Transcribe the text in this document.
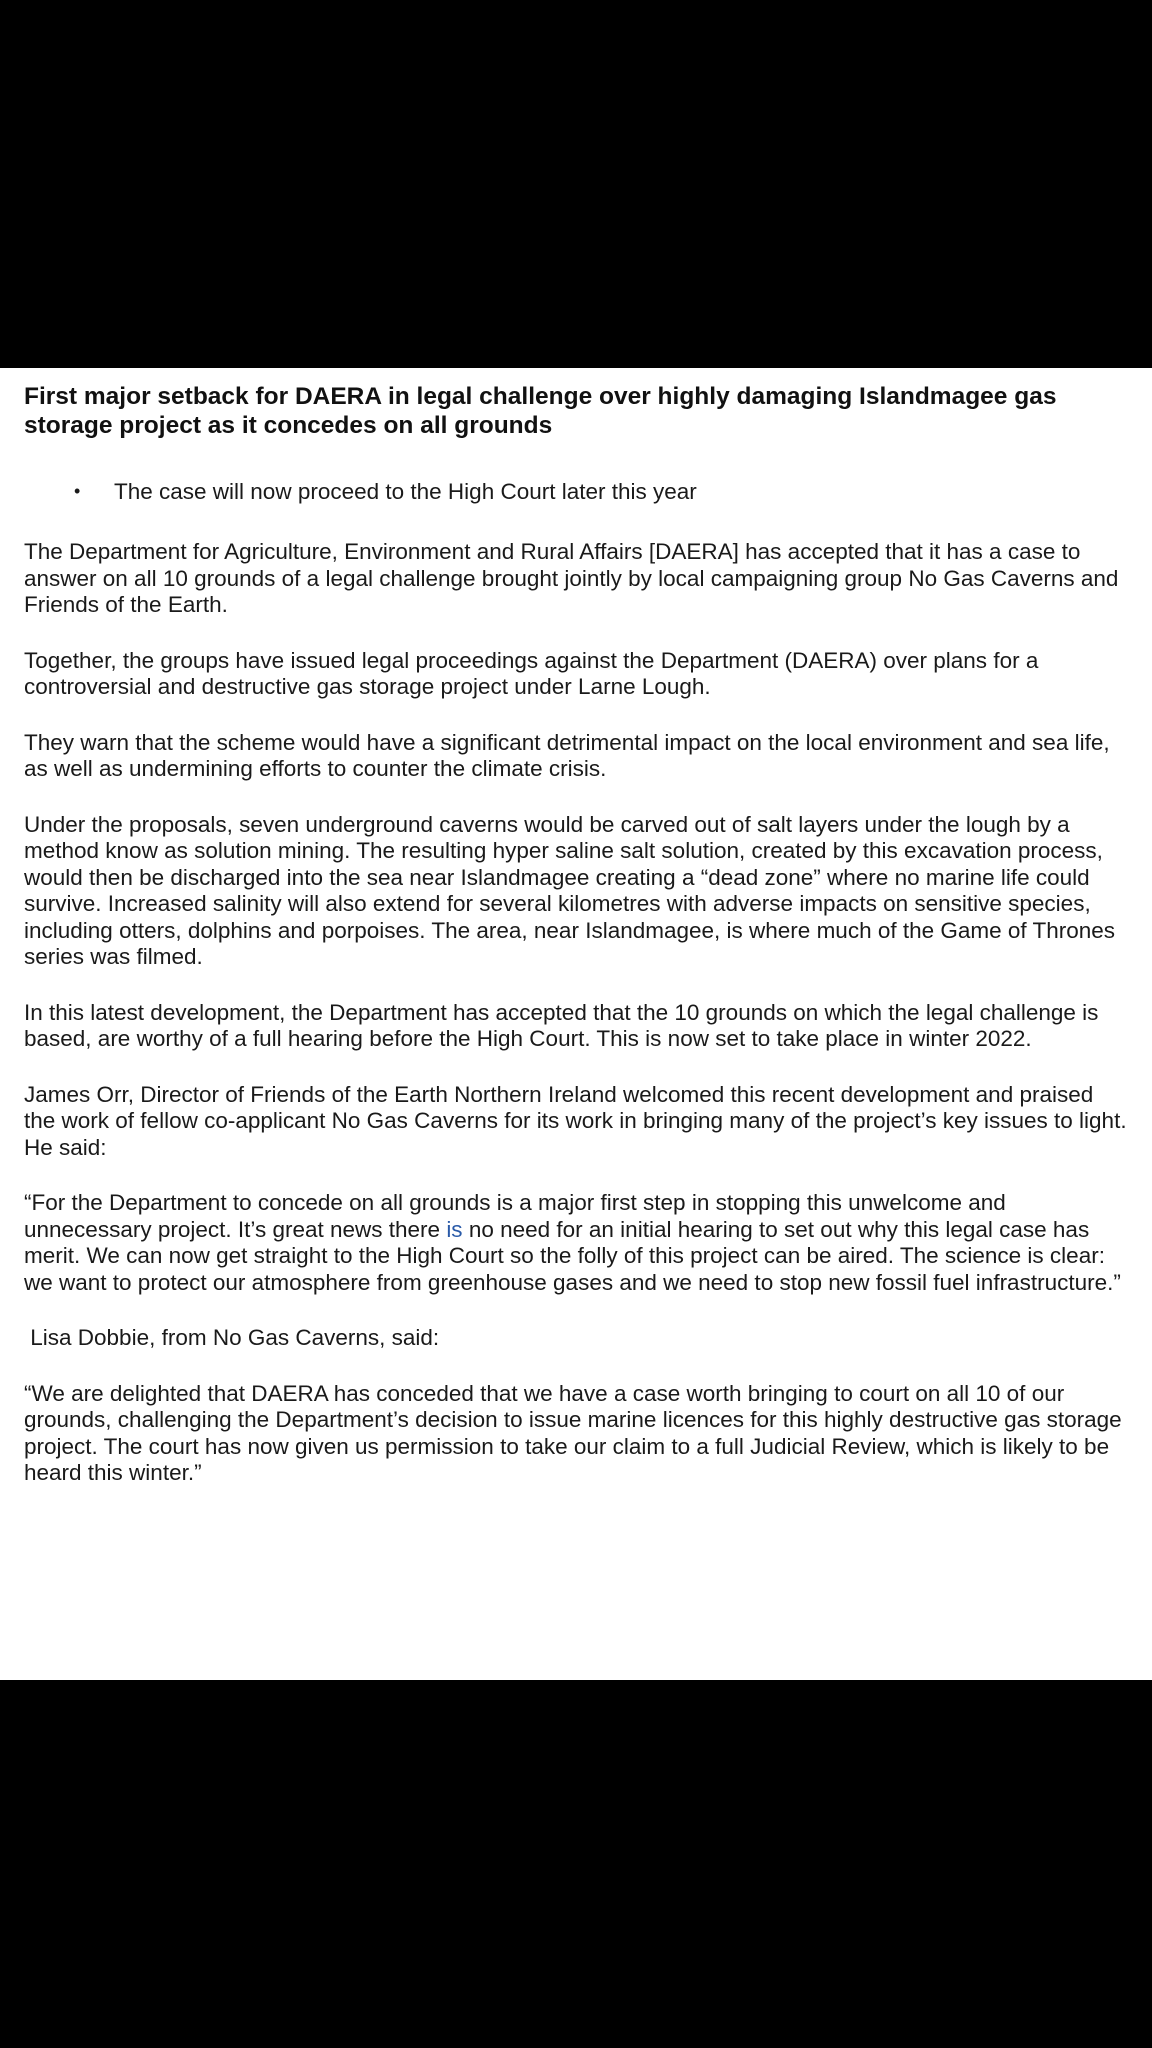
First major setback for DAERA in legal challenge over highly damaging Islandmagee gas storage project as it concedes on all grounds
•	The case will now proceed to the High Court later this year

The Department for Agriculture, Environment and Rural Affairs [DAERA] has accepted that it has a case to answer on all 10 grounds of a legal challenge brought jointly by local campaigning group No Gas Caverns and Friends of the Earth.

Together, the groups have issued legal proceedings against the Department (DAERA) over plans for a controversial and destructive gas storage project under Larne Lough.

They warn that the scheme would have a significant detrimental impact on the local environment and sea life, as well as undermining efforts to counter the climate crisis.

Under the proposals, seven underground caverns would be carved out of salt layers under the lough by a method know as solution mining. The resulting hyper saline salt solution, created by this excavation process, would then be discharged into the sea near Islandmagee creating a “dead zone” where no marine life could survive. Increased salinity will also extend for several kilometres with adverse impacts on sensitive species, including otters, dolphins and porpoises. The area, near Islandmagee, is where much of the Game of Thrones series was filmed.

In this latest development, the Department has accepted that the 10 grounds on which the legal challenge is based, are worthy of a full hearing before the High Court. This is now set to take place in winter 2022.

James Orr, Director of Friends of the Earth Northern Ireland welcomed this recent development and praised the work of fellow co-applicant No Gas Caverns for its work in bringing many of the project’s key issues to light. He said:

“For the Department to concede on all grounds is a major first step in stopping this unwelcome and unnecessary project. It’s great news there is no need for an initial hearing to set out why this legal case has merit. We can now get straight to the High Court so the folly of this project can be aired. The science is clear: we want to protect our atmosphere from greenhouse gases and we need to stop new fossil fuel infrastructure.”

Lisa Dobbie, from No Gas Caverns, said:

“We are delighted that DAERA has conceded that we have a case worth bringing to court on all 10 of our grounds, challenging the Department’s decision to issue marine licences for this highly destructive gas storage project. The court has now given us permission to take our claim to a full Judicial Review, which is likely to be heard this winter.”
